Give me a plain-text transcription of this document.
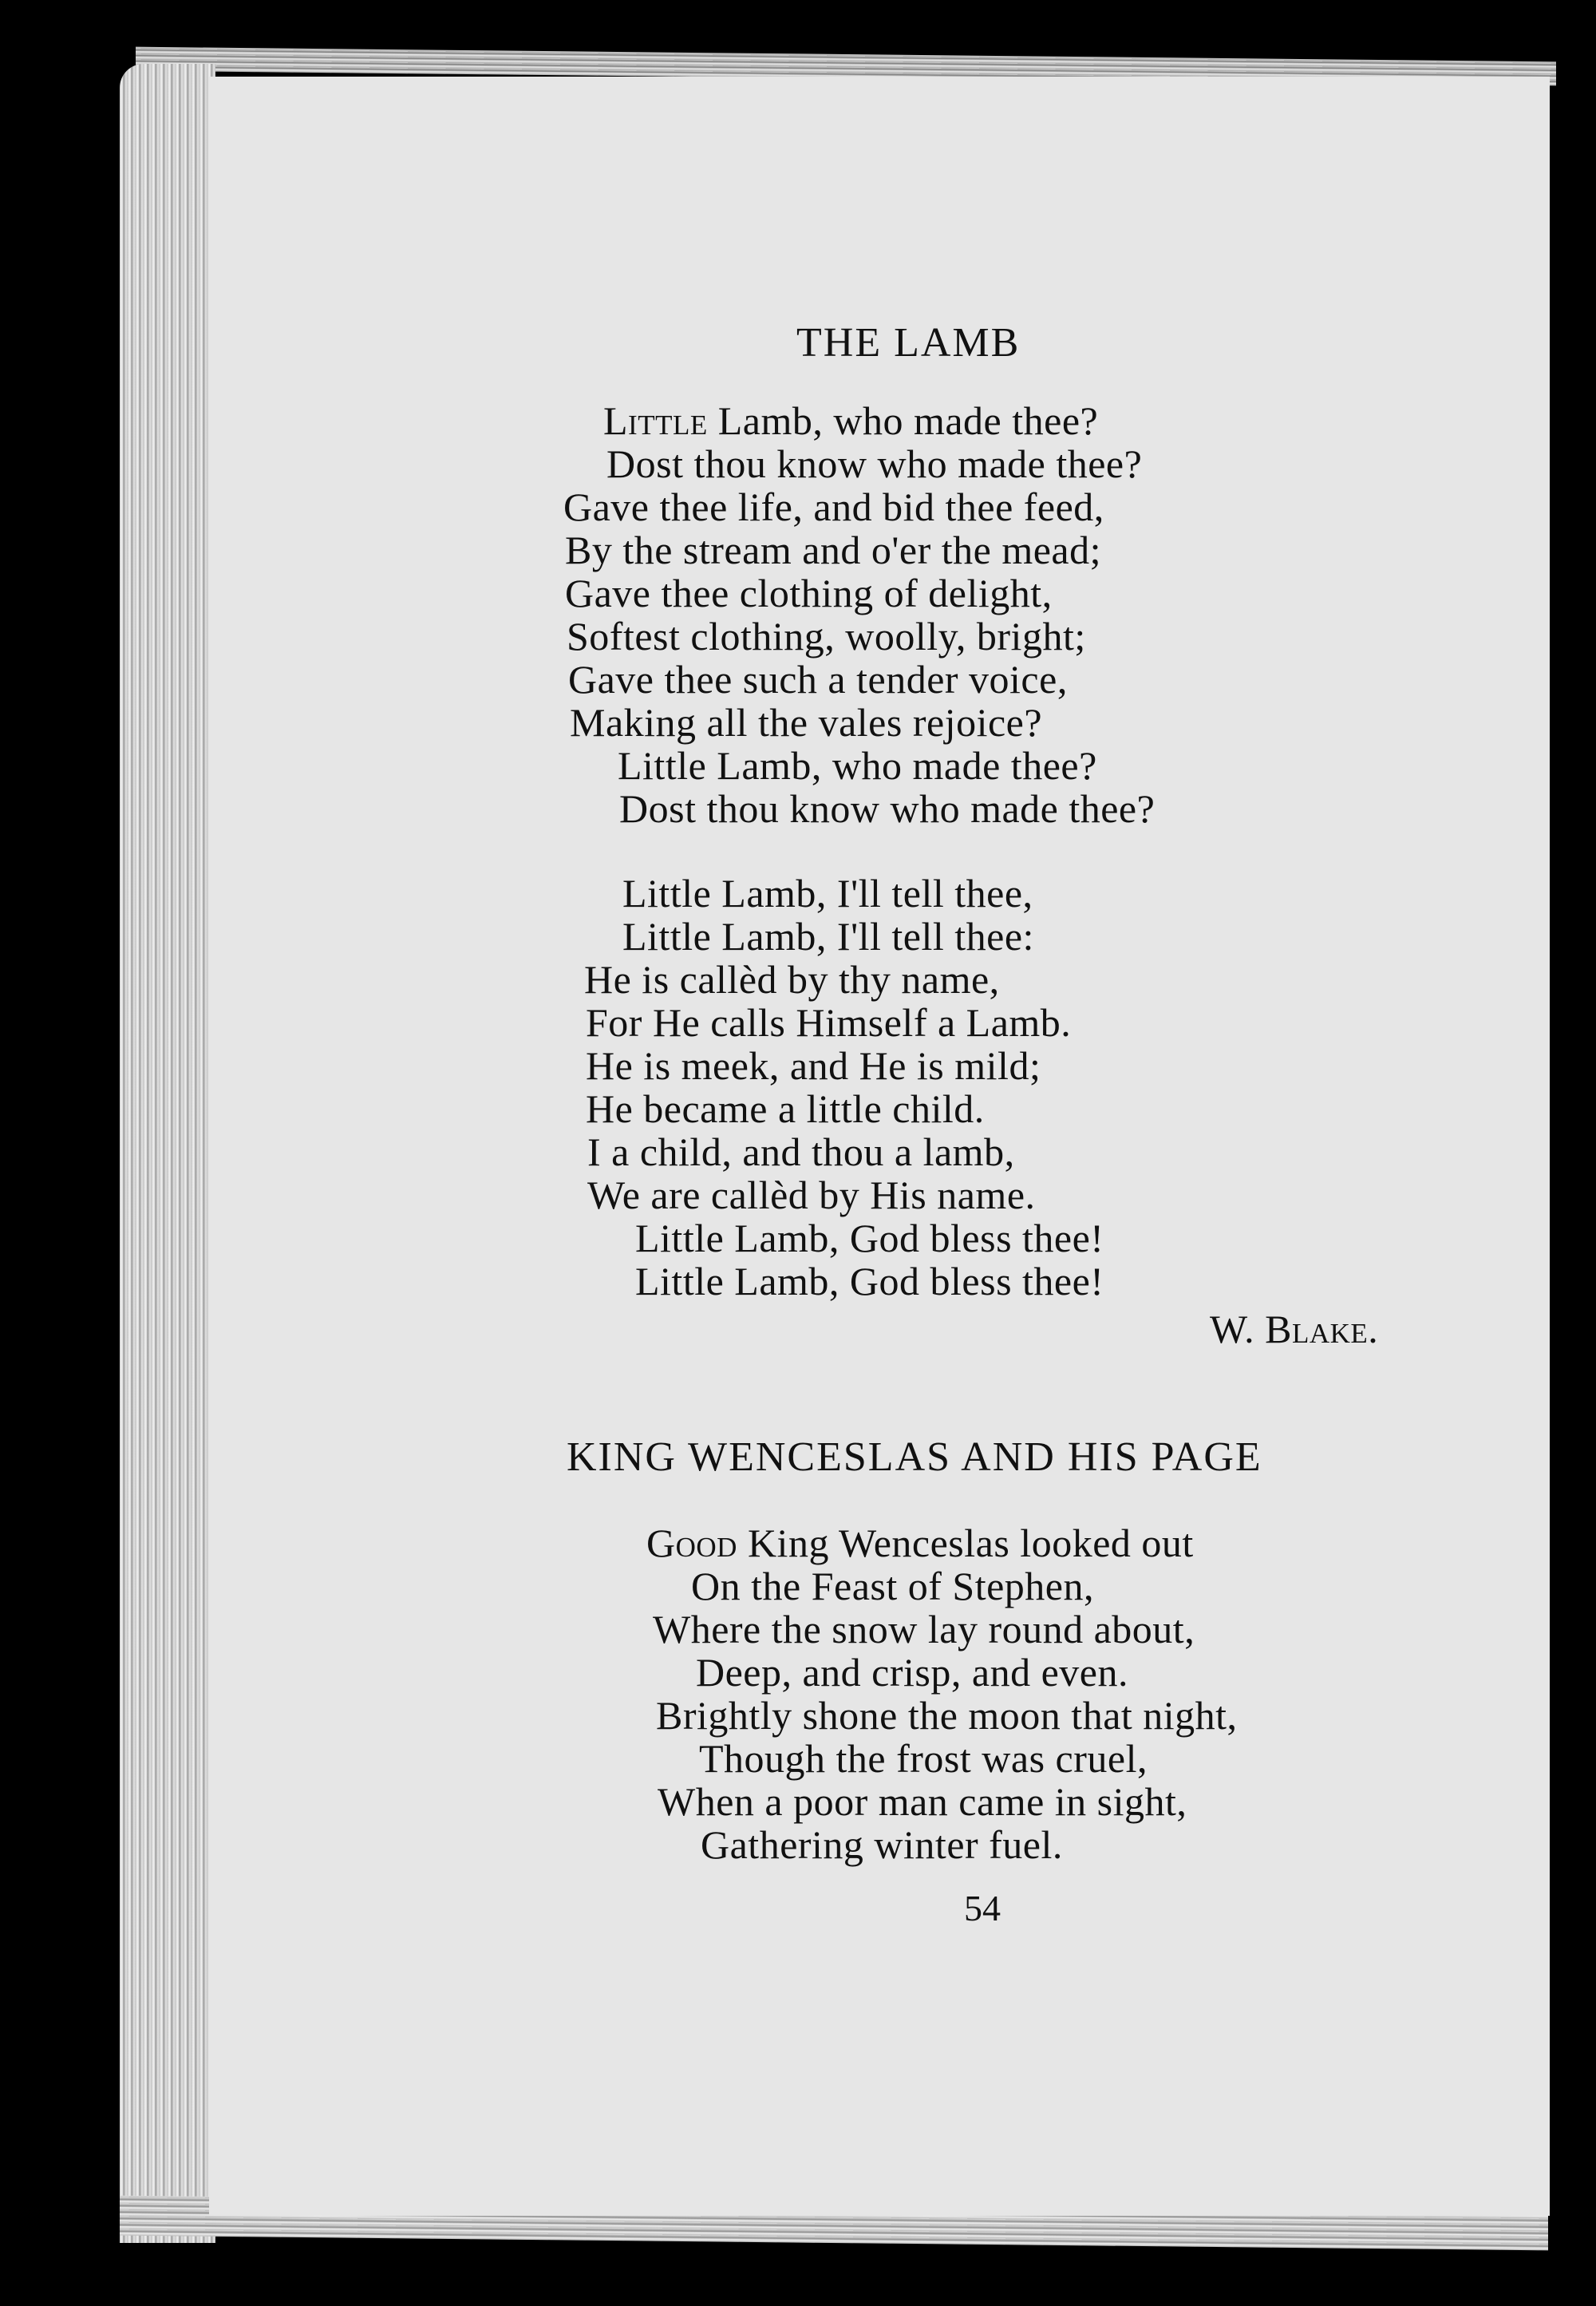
THE LAMB
Little Lamb, who made thee?
Dost thou know who made thee?
Gave thee life, and bid thee feed,
By the stream and o'er the mead;
Gave thee clothing of delight,
Softest clothing, woolly, bright;
Gave thee such a tender voice,
Making all the vales rejoice?
Little Lamb, who made thee?
Dost thou know who made thee?
Little Lamb, I'll tell thee,
Little Lamb, I'll tell thee:
He is callèd by thy name,
For He calls Himself a Lamb.
He is meek, and He is mild;
He became a little child.
I a child, and thou a lamb,
We are callèd by His name.
Little Lamb, God bless thee!
Little Lamb, God bless thee!
W. Blake.
KING WENCESLAS AND HIS PAGE
Good King Wenceslas looked out
On the Feast of Stephen,
Where the snow lay round about,
Deep, and crisp, and even.
Brightly shone the moon that night,
Though the frost was cruel,
When a poor man came in sight,
Gathering winter fuel.
54
